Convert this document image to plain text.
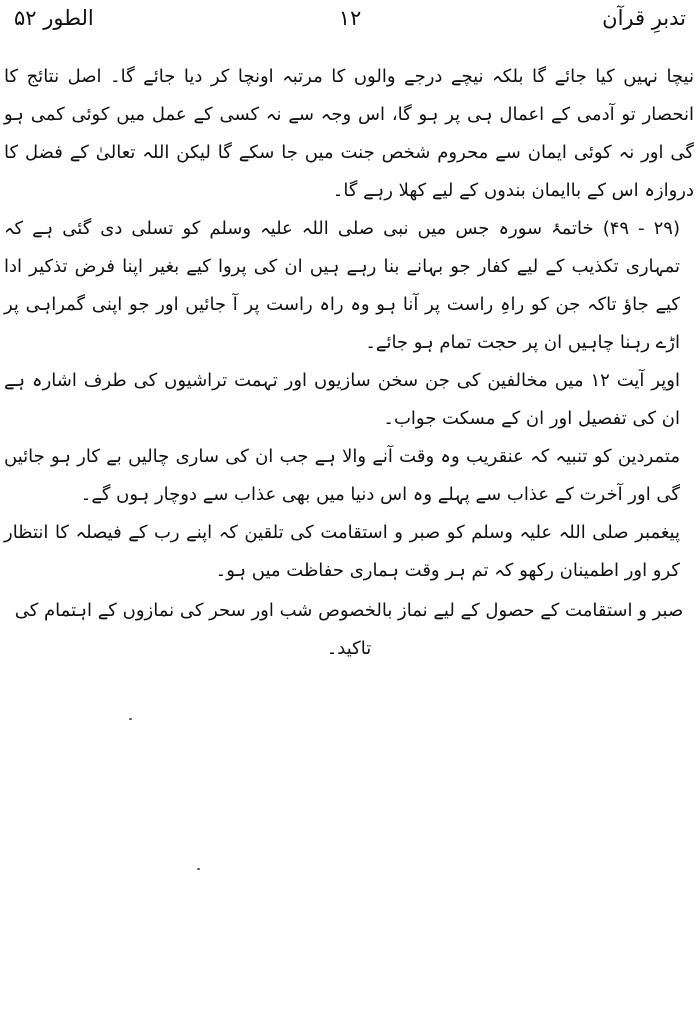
تدبرِ قرآن
۱۲
الطور ۵۲

نیچا نہیں کیا جائے گا بلکہ نیچے درجے والوں کا مرتبہ اونچا کر دیا جائے گا۔ اصل نتائج کا انحصار تو آدمی کے اعمال ہی پر ہو گا، اس وجہ سے نہ کسی کے عمل میں کوئی کمی ہو گی اور نہ کوئی ایمان سے محروم شخص جنت میں جا سکے گا لیکن اللہ تعالیٰ کے فضل کا دروازہ اس کے باایمان بندوں کے لیے کھلا رہے گا۔

(۲۹ - ۴۹) خاتمۂ سورہ جس میں نبی صلی اللہ علیہ وسلم کو تسلی دی گئی ہے کہ تمہاری تکذیب کے لیے کفار جو بہانے بنا رہے ہیں ان کی پروا کیے بغیر اپنا فرض تذکیر ادا کیے جاؤ تاکہ جن کو راہِ راست پر آنا ہو وہ راہ راست پر آ جائیں اور جو اپنی گمراہی پر اڑے رہنا چاہیں ان پر حجت تمام ہو جائے۔

اوپر آیت ۱۲ میں مخالفین کی جن سخن سازیوں اور تہمت تراشیوں کی طرف اشارہ ہے ان کی تفصیل اور ان کے مسکت جواب۔

متمردین کو تنبیہ کہ عنقریب وہ وقت آنے والا ہے جب ان کی ساری چالیں بے کار ہو جائیں گی اور آخرت کے عذاب سے پہلے وہ اس دنیا میں بھی عذاب سے دوچار ہوں گے۔

پیغمبر صلی اللہ علیہ وسلم کو صبر و استقامت کی تلقین کہ اپنے رب کے فیصلہ کا انتظار کرو اور اطمینان رکھو کہ تم ہر وقت ہماری حفاظت میں ہو۔

صبر و استقامت کے حصول کے لیے نماز بالخصوص شب اور سحر کی نمازوں کے اہتمام کی تاکید۔
